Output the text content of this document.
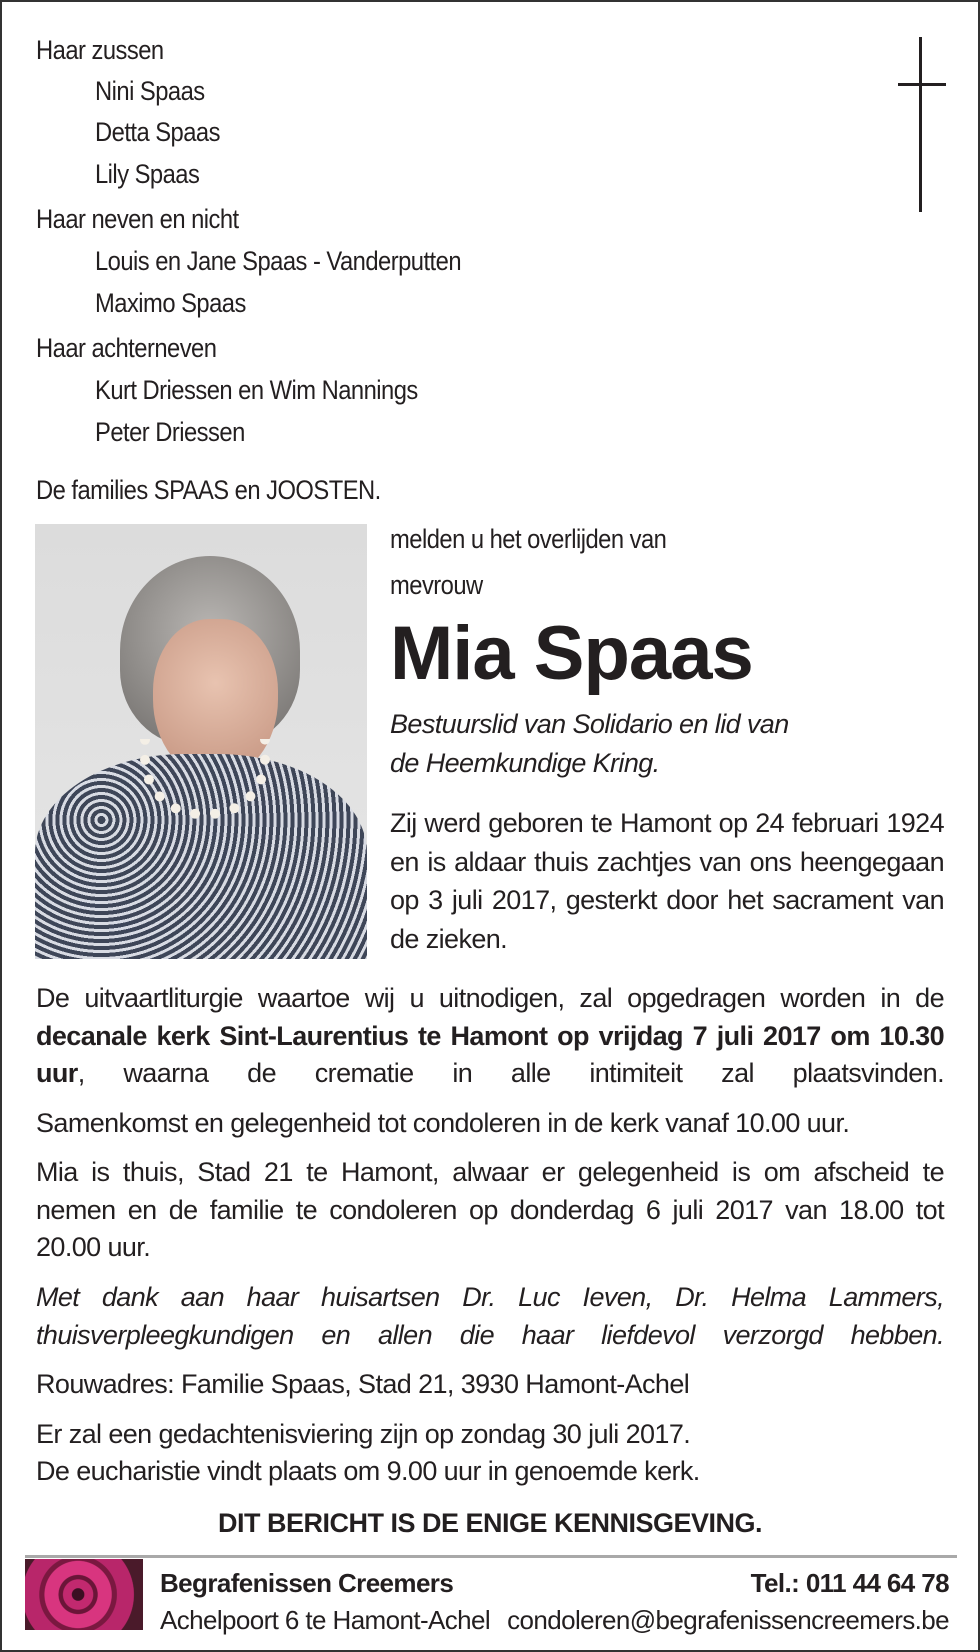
Haar zussen
Nini Spaas
Detta Spaas
Lily Spaas
Haar neven en nicht
Louis en Jane Spaas - Vanderputten
Maximo Spaas
Haar achterneven
Kurt Driessen en Wim Nannings
Peter Driessen
De families SPAAS en JOOSTEN.
melden u het overlijden van
mevrouw
Mia Spaas
Bestuurslid van Solidario en lid van de Heemkundige Kring.
Zij werd geboren te Hamont op 24 februari 1924 en is aldaar thuis zachtjes van ons heengegaan op 3 juli 2017, gesterkt door het sacrament van de zieken.
De uitvaartliturgie waartoe wij u uitnodigen, zal opgedragen worden in de decanale kerk Sint-Laurentius te Hamont op vrijdag 7 juli 2017 om 10.30 uur, waarna de crematie in alle intimiteit zal plaatsvinden.
Samenkomst en gelegenheid tot condoleren in de kerk vanaf 10.00 uur.
Mia is thuis, Stad 21 te Hamont, alwaar er gelegenheid is om afscheid te nemen en de familie te condoleren op donderdag 6 juli 2017 van 18.00 tot 20.00 uur.
Met dank aan haar huisartsen Dr. Luc Ieven, Dr. Helma Lammers, thuisverpleegkundigen en allen die haar liefdevol verzorgd hebben.
Rouwadres: Familie Spaas, Stad 21, 3930 Hamont-Achel
Er zal een gedachtenisviering zijn op zondag 30 juli 2017.
De eucharistie vindt plaats om 9.00 uur in genoemde kerk.
DIT BERICHT IS DE ENIGE KENNISGEVING.
Begrafenissen Creemers
Achelpoort 6 te Hamont-Achel
Tel.: 011 44 64 78
condoleren@begrafenissencreemers.be
